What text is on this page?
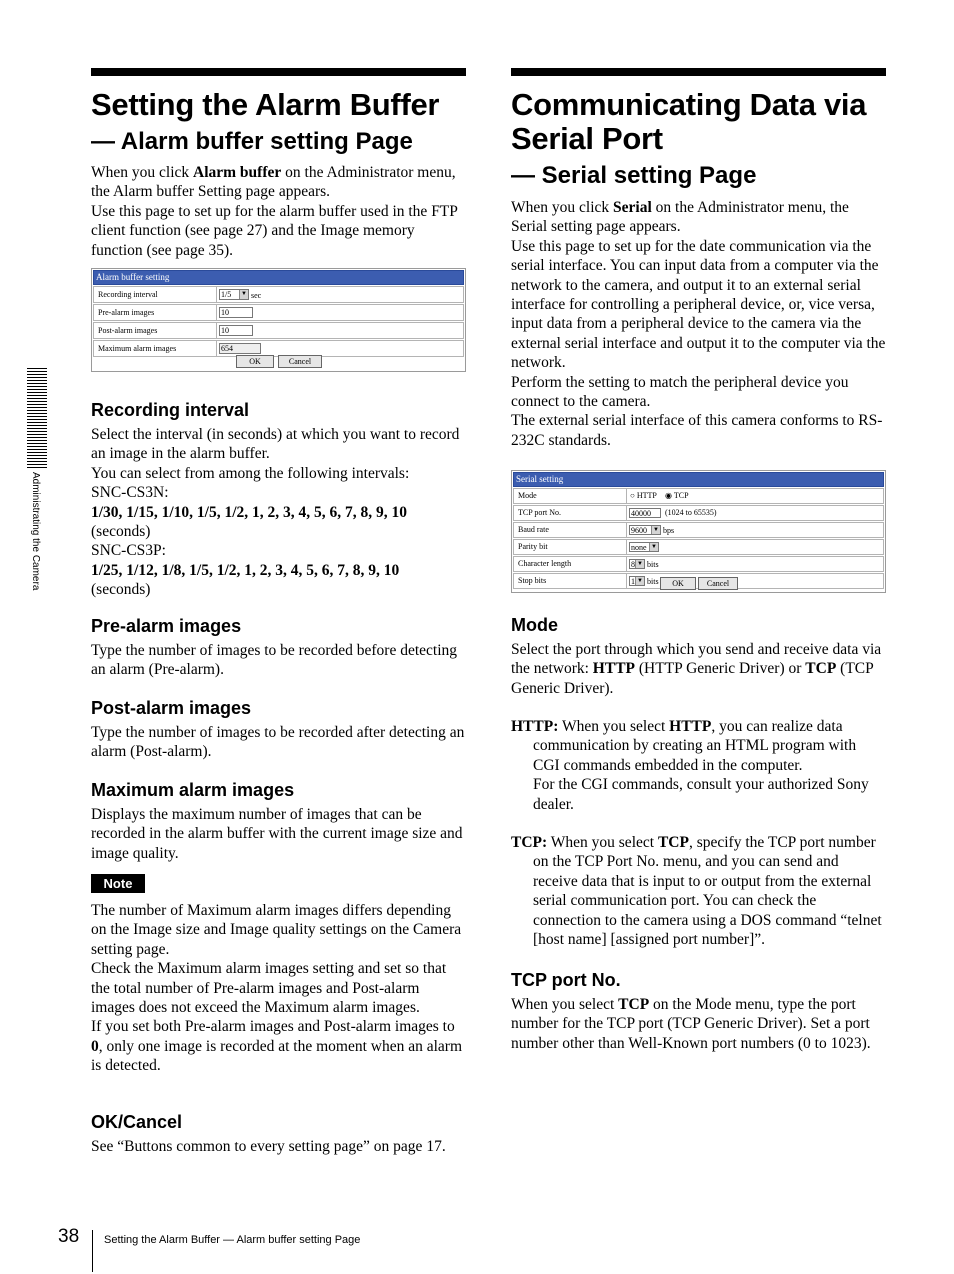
Administrating the Camera
Setting the Alarm Buffer
— Alarm buffer setting Page

When you click Alarm buffer on the Administrator menu, the Alarm buffer Setting page appears.
Use this page to set up for the alarm buffer used in the FTP client function (see page 27) and the Image memory function (see page 35).

Alarm buffer setting
Recording interval	1/5	▼ sec
Pre-alarm images	10
Post-alarm images	10
Maximum alarm images	654
OK	Cancel
Recording interval

Select the interval (in seconds) at which you want to record an image in the alarm buffer.
You can select from among the following intervals:
SNC-CS3N:
1/30, 1/15, 1/10, 1/5, 1/2, 1, 2, 3, 4, 5, 6, 7, 8, 9, 10
(seconds)
SNC-CS3P:
1/25, 1/12, 1/8, 1/5, 1/2, 1, 2, 3, 4, 5, 6, 7, 8, 9, 10
(seconds)

Pre-alarm images

Type the number of images to be recorded before detecting an alarm (Pre-alarm).

Post-alarm images

Type the number of images to be recorded after detecting an alarm (Post-alarm).

Maximum alarm images

Displays the maximum number of images that can be recorded in the alarm buffer with the current image size and image quality.

Note

The number of Maximum alarm images differs depending on the Image size and Image quality settings on the Camera setting page.
Check the Maximum alarm images setting and set so that the total number of Pre-alarm images and Post-alarm images does not exceed the Maximum alarm images.
If you set both Pre-alarm images and Post-alarm images to 0, only one image is recorded at the moment when an alarm is detected.

OK/Cancel

See “Buttons common to every setting page” on page 17.

Communicating Data via Serial Port
— Serial setting Page

When you click Serial on the Administrator menu, the Serial setting page appears.
Use this page to set up for the date communication via the serial interface. You can input data from a computer via the network to the camera, and output it to an external serial interface for controlling a peripheral device, or, vice versa, input data from a peripheral device to the camera via the external serial interface and output it to the computer via the network.
Perform the setting to match the peripheral device you connect to the camera.
The external serial interface of this camera conforms to RS-232C standards.

Serial setting
Mode	○ HTTP ◉ TCP
TCP port No.	40000	(1024 to 65535)
Baud rate	9600	▼ bps
Parity bit	none ▼
Character length	8 ▼ bits
Stop bits	1 ▼ bits	OK	Cancel
Mode

Select the port through which you send and receive data via the network: HTTP (HTTP Generic Driver) or TCP (TCP Generic Driver).

HTTP: When you select HTTP, you can realize data communication by creating an HTML program with CGI commands embedded in the computer.
For the CGI commands, consult your authorized Sony dealer.

TCP: When you select TCP, specify the TCP port number on the TCP Port No. menu, and you can send and receive data that is input to or output from the external serial communication port. You can check the connection to the camera using a DOS command “telnet [host name] [assigned port number]”.

TCP port No.

When you select TCP on the Mode menu, type the port number for the TCP port (TCP Generic Driver). Set a port number other than Well-Known port numbers (0 to 1023).

38 Setting the Alarm Buffer — Alarm buffer setting Page
